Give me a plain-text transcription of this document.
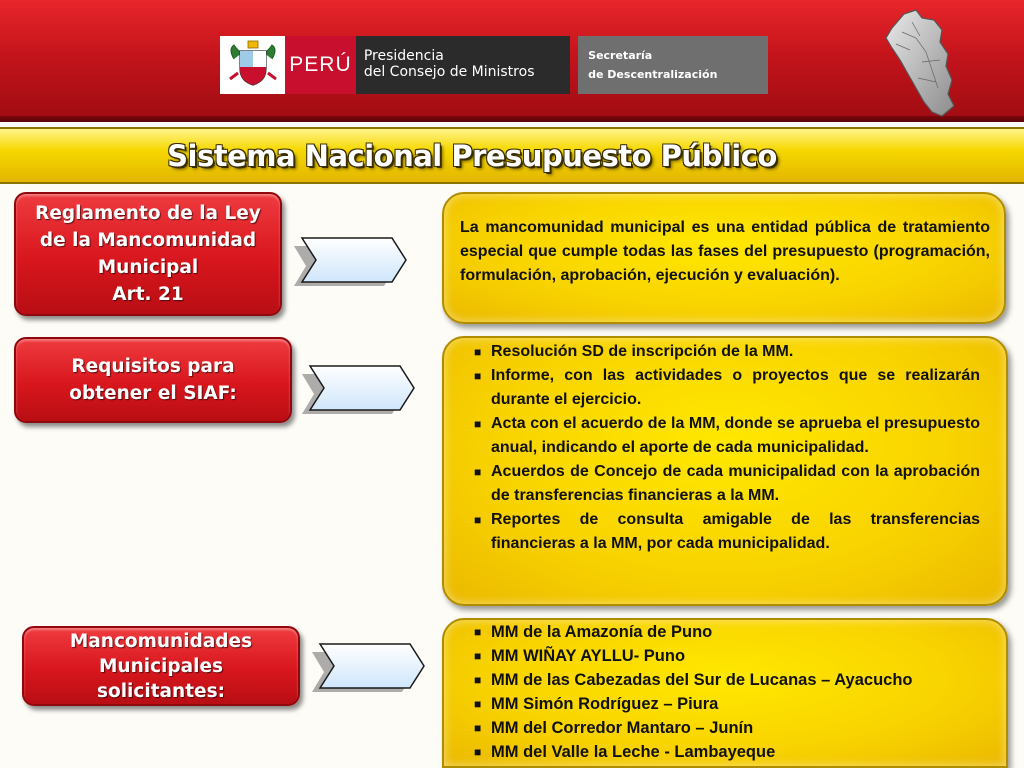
PERÚ Presidencia
del Consejo de Ministros
Secretaría
de Descentralización
Sistema Nacional Presupuesto Público
Reglamento de la Ley
de la Mancomunidad
Municipal
Art. 21
La mancomunidad municipal es una entidad pública de tratamiento especial que cumple todas las fases del presupuesto (programación, formulación, aprobación, ejecución y evaluación).
Requisitos para
obtener el SIAF:
■ Resolución SD de inscripción de la MM.
■ Informe, con las actividades o proyectos que se realizarán durante el ejercicio.
■ Acta con el acuerdo de la MM, donde se aprueba el presupuesto anual, indicando el aporte de cada municipalidad.
■ Acuerdos de Concejo de cada municipalidad con la aprobación de transferencias financieras a la MM.
■ Reportes de consulta amigable de las transferencias financieras a la MM, por cada municipalidad.
Mancomunidades
Municipales
solicitantes:
■ MM de la Amazonía de Puno
■ MM WIÑAY AYLLU- Puno
■ MM de las Cabezadas del Sur de Lucanas – Ayacucho
■ MM Simón Rodríguez – Piura
■ MM del Corredor Mantaro – Junín
■ MM del Valle la Leche - Lambayeque
